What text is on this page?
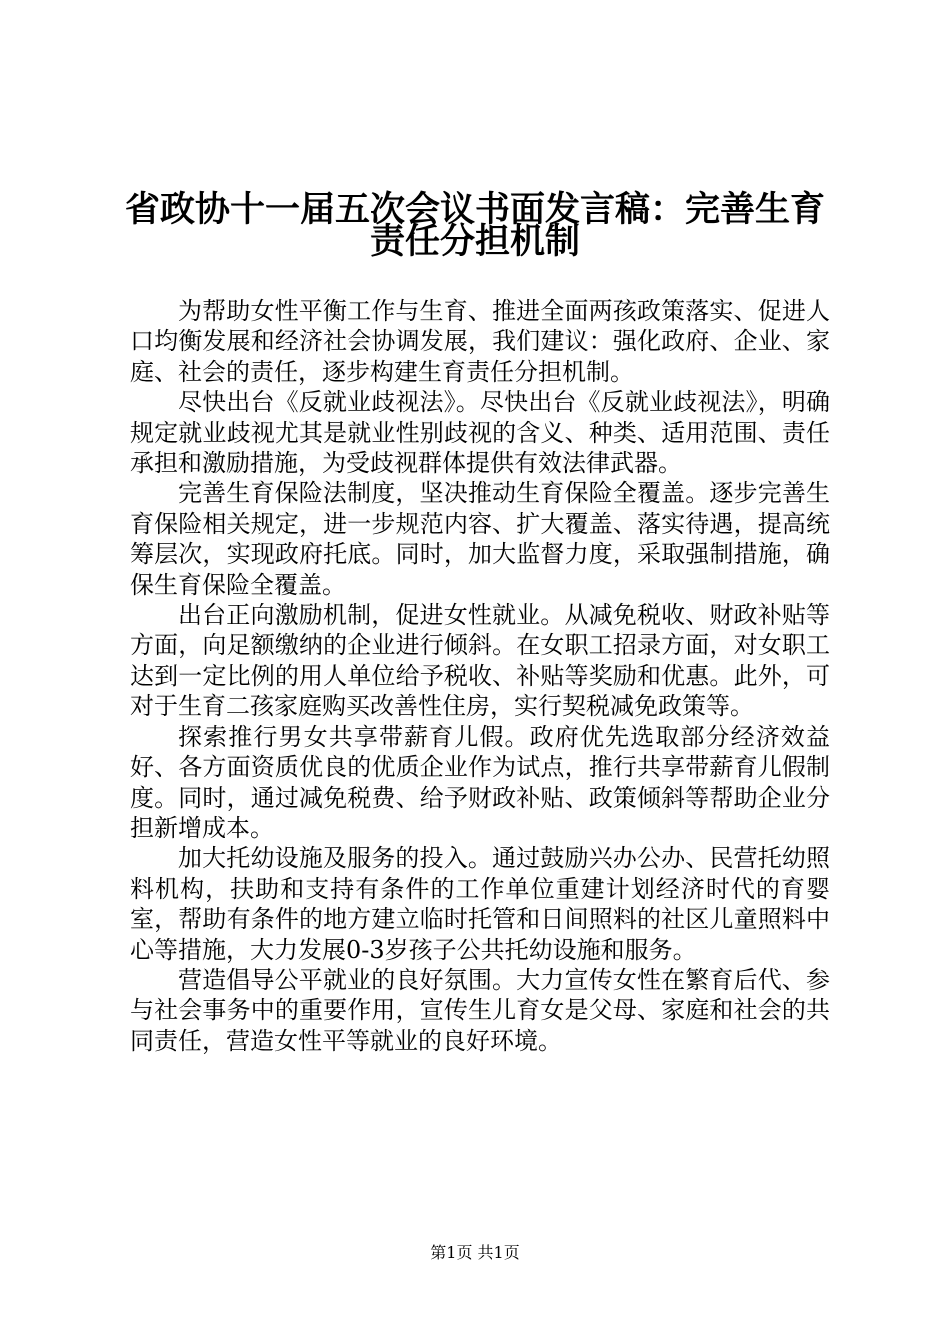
省政协十一届五次会议书面发言稿：完善生育
责任分担机制

为帮助女性平衡工作与生育、推进全面两孩政策落实、促进人口均衡发展和经济社会协调发展，我们建议：强化政府、企业、家庭、社会的责任，逐步构建生育责任分担机制。

尽快出台《反就业歧视法》。尽快出台《反就业歧视法》，明确规定就业歧视尤其是就业性别歧视的含义、种类、适用范围、责任承担和激励措施，为受歧视群体提供有效法律武器。

完善生育保险法制度，坚决推动生育保险全覆盖。逐步完善生育保险相关规定，进一步规范内容、扩大覆盖、落实待遇，提高统筹层次，实现政府托底。同时，加大监督力度，采取强制措施，确保生育保险全覆盖。

出台正向激励机制，促进女性就业。从减免税收、财政补贴等方面，向足额缴纳的企业进行倾斜。在女职工招录方面，对女职工达到一定比例的用人单位给予税收、补贴等奖励和优惠。此外，可对于生育二孩家庭购买改善性住房，实行契税减免政策等。

探索推行男女共享带薪育儿假。政府优先选取部分经济效益好、各方面资质优良的优质企业作为试点，推行共享带薪育儿假制度。同时，通过减免税费、给予财政补贴、政策倾斜等帮助企业分担新增成本。

加大托幼设施及服务的投入。通过鼓励兴办公办、民营托幼照料机构，扶助和支持有条件的工作单位重建计划经济时代的育婴室，帮助有条件的地方建立临时托管和日间照料的社区儿童照料中心等措施，大力发展0-3岁孩子公共托幼设施和服务。

营造倡导公平就业的良好氛围。大力宣传女性在繁育后代、参与社会事务中的重要作用，宣传生儿育女是父母、家庭和社会的共同责任，营造女性平等就业的良好环境。

第1页 共1页
